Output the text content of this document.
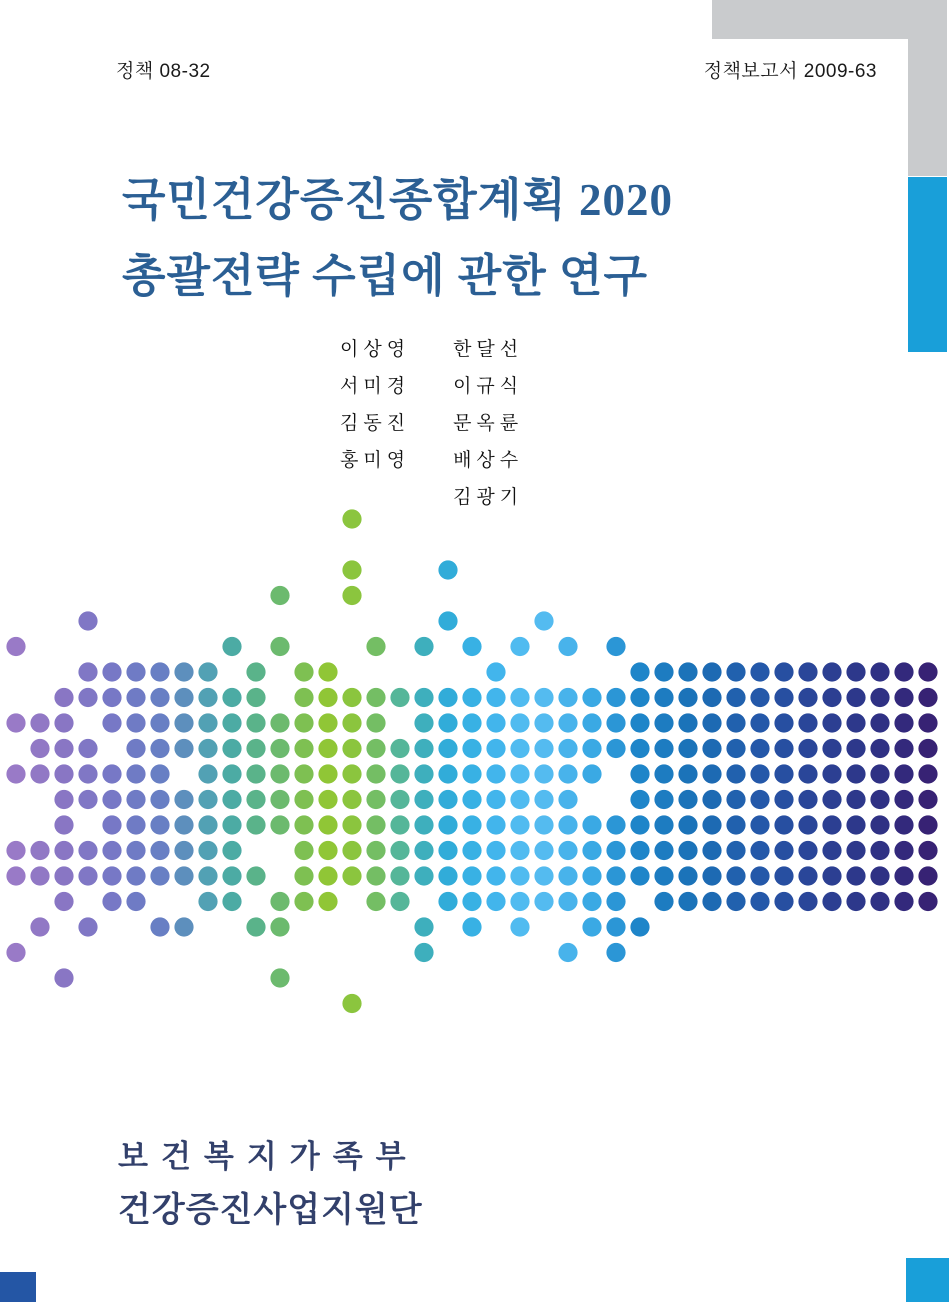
정책 08-32	정책보고서 2009-63
국민건강증진종합계획 2020
총괄전략 수립에 관한 연구
이상영
서미경
김동진
홍미영
한달선
이규식
문옥륜
배상수
김광기
보건복지가족부
건강증진사업지원단
